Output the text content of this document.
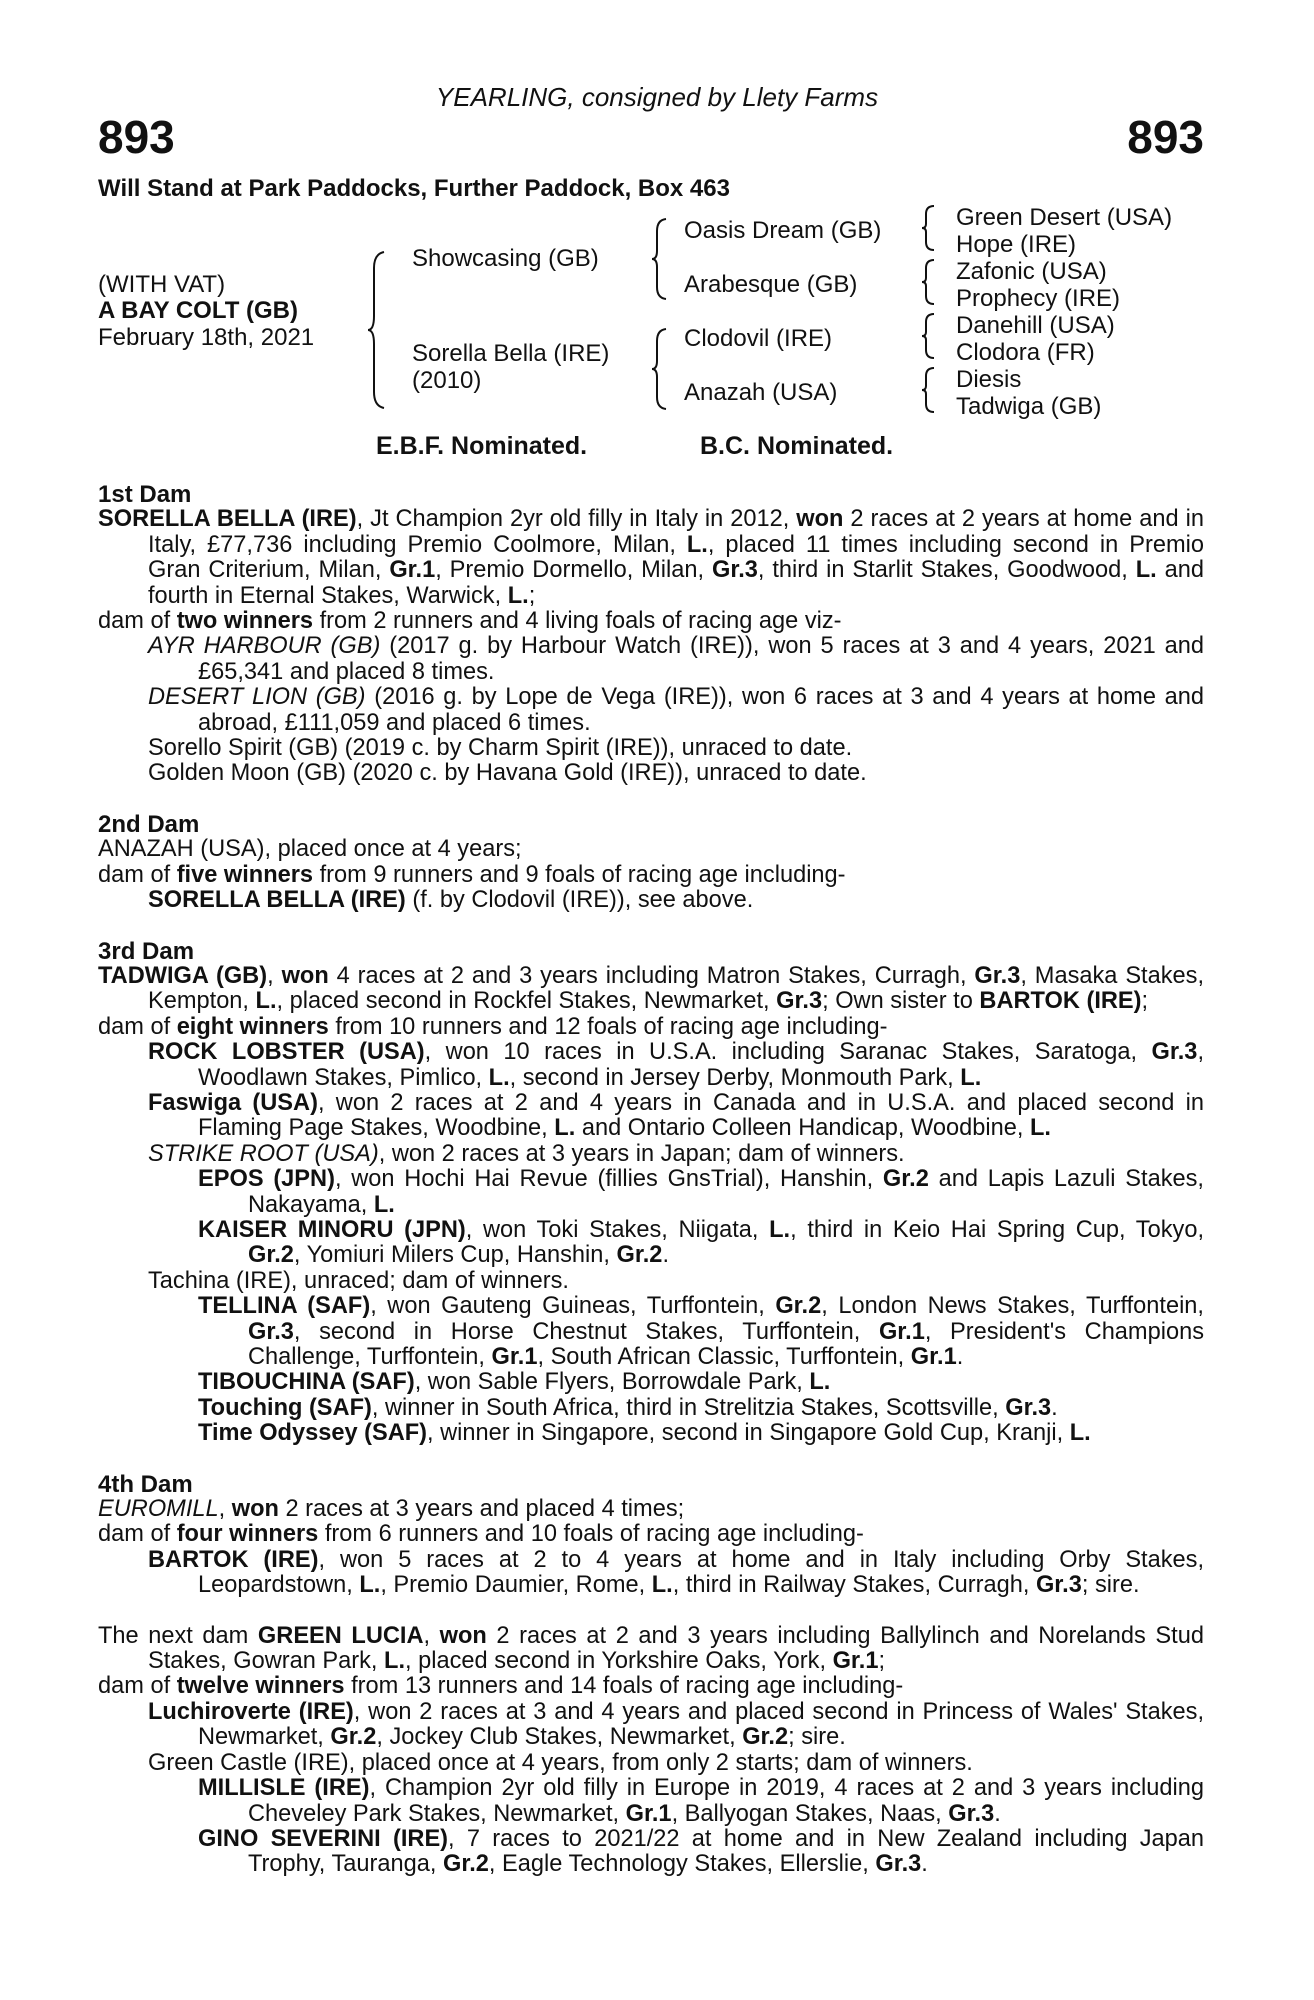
YEARLING, consigned by Llety Farms
893	893
Will Stand at Park Paddocks, Further Paddock, Box 463
(WITH VAT)
A BAY COLT (GB)
February 18th, 2021
Showcasing (GB)
Sorella Bella (IRE)
(2010)
Oasis Dream (GB)
Arabesque (GB)
Clodovil (IRE)
Anazah (USA)
Green Desert (USA)
Hope (IRE)
Zafonic (USA)
Prophecy (IRE)
Danehill (USA)
Clodora (FR)
Diesis
Tadwiga (GB)
E.B.F. Nominated.	B.C. Nominated.

1st Dam

SORELLA BELLA (IRE), Jt Champion 2yr old filly in Italy in 2012, won 2 races at 2 years at home and in Italy, £77,736 including Premio Coolmore, Milan, L., placed 11 times including second in Premio Gran Criterium, Milan, Gr.1, Premio Dormello, Milan, Gr.3, third in Starlit Stakes, Goodwood, L. and fourth in Eternal Stakes, Warwick, L.;

dam of two winners from 2 runners and 4 living foals of racing age viz-

AYR HARBOUR (GB) (2017 g. by Harbour Watch (IRE)), won 5 races at 3 and 4 years, 2021 and £65,341 and placed 8 times.

DESERT LION (GB) (2016 g. by Lope de Vega (IRE)), won 6 races at 3 and 4 years at home and abroad, £111,059 and placed 6 times.

Sorello Spirit (GB) (2019 c. by Charm Spirit (IRE)), unraced to date.

Golden Moon (GB) (2020 c. by Havana Gold (IRE)), unraced to date.

2nd Dam

ANAZAH (USA), placed once at 4 years;

dam of five winners from 9 runners and 9 foals of racing age including-

SORELLA BELLA (IRE) (f. by Clodovil (IRE)), see above.

3rd Dam

TADWIGA (GB), won 4 races at 2 and 3 years including Matron Stakes, Curragh, Gr.3, Masaka Stakes, Kempton, L., placed second in Rockfel Stakes, Newmarket, Gr.3; Own sister to BARTOK (IRE);

dam of eight winners from 10 runners and 12 foals of racing age including-

ROCK LOBSTER (USA), won 10 races in U.S.A. including Saranac Stakes, Saratoga, Gr.3, Woodlawn Stakes, Pimlico, L., second in Jersey Derby, Monmouth Park, L.

Faswiga (USA), won 2 races at 2 and 4 years in Canada and in U.S.A. and placed second in Flaming Page Stakes, Woodbine, L. and Ontario Colleen Handicap, Woodbine, L.

STRIKE ROOT (USA), won 2 races at 3 years in Japan; dam of winners.

EPOS (JPN), won Hochi Hai Revue (fillies GnsTrial), Hanshin, Gr.2 and Lapis Lazuli Stakes, Nakayama, L.

KAISER MINORU (JPN), won Toki Stakes, Niigata, L., third in Keio Hai Spring Cup, Tokyo, Gr.2, Yomiuri Milers Cup, Hanshin, Gr.2.

Tachina (IRE), unraced; dam of winners.

TELLINA (SAF), won Gauteng Guineas, Turffontein, Gr.2, London News Stakes, Turffontein, Gr.3, second in Horse Chestnut Stakes, Turffontein, Gr.1, President's Champions Challenge, Turffontein, Gr.1, South African Classic, Turffontein, Gr.1.

TIBOUCHINA (SAF), won Sable Flyers, Borrowdale Park, L.

Touching (SAF), winner in South Africa, third in Strelitzia Stakes, Scottsville, Gr.3.

Time Odyssey (SAF), winner in Singapore, second in Singapore Gold Cup, Kranji, L.

4th Dam

EUROMILL, won 2 races at 3 years and placed 4 times;

dam of four winners from 6 runners and 10 foals of racing age including-

BARTOK (IRE), won 5 races at 2 to 4 years at home and in Italy including Orby Stakes, Leopardstown, L., Premio Daumier, Rome, L., third in Railway Stakes, Curragh, Gr.3; sire.

The next dam GREEN LUCIA, won 2 races at 2 and 3 years including Ballylinch and Norelands Stud Stakes, Gowran Park, L., placed second in Yorkshire Oaks, York, Gr.1;

dam of twelve winners from 13 runners and 14 foals of racing age including-

Luchiroverte (IRE), won 2 races at 3 and 4 years and placed second in Princess of Wales' Stakes, Newmarket, Gr.2, Jockey Club Stakes, Newmarket, Gr.2; sire.

Green Castle (IRE), placed once at 4 years, from only 2 starts; dam of winners.

MILLISLE (IRE), Champion 2yr old filly in Europe in 2019, 4 races at 2 and 3 years including Cheveley Park Stakes, Newmarket, Gr.1, Ballyogan Stakes, Naas, Gr.3.

GINO SEVERINI (IRE), 7 races to 2021/22 at home and in New Zealand including Japan Trophy, Tauranga, Gr.2, Eagle Technology Stakes, Ellerslie, Gr.3.
